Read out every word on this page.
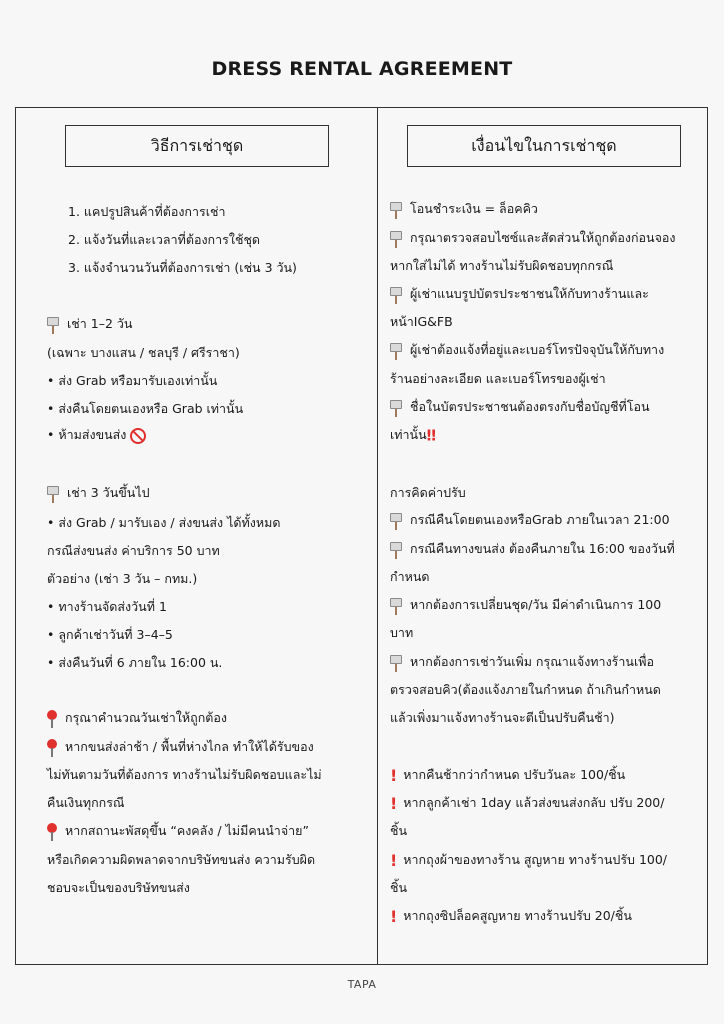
DRESS RENTAL AGREEMENT
วิธีการเช่าชุด
1. แคปรูปสินค้าที่ต้องการเช่า
2. แจ้งวันที่และเวลาที่ต้องการใช้ชุด
3. แจ้งจำนวนวันที่ต้องการเช่า (เช่น 3 วัน)
เช่า 1–2 วัน
(เฉพาะ บางแสน / ชลบุรี / ศรีราชา)
• ส่ง Grab หรือมารับเองเท่านั้น
• ส่งคืนโดยตนเองหรือ Grab เท่านั้น
• ห้ามส่งขนส่ง
เช่า 3 วันขึ้นไป
• ส่ง Grab / มารับเอง / ส่งขนส่ง ได้ทั้งหมด
กรณีส่งขนส่ง ค่าบริการ 50 บาท
ตัวอย่าง (เช่า 3 วัน – กทม.)
• ทางร้านจัดส่งวันที่ 1
• ลูกค้าเช่าวันที่ 3–4–5
• ส่งคืนวันที่ 6 ภายใน 16:00 น.
กรุณาคำนวณวันเช่าให้ถูกต้อง
หากขนส่งล่าช้า / พื้นที่ห่างไกล ทำให้ได้รับของ
ไม่ทันตามวันที่ต้องการ ทางร้านไม่รับผิดชอบและไม่
คืนเงินทุกกรณี
หากสถานะพัสดุขึ้น “คงคลัง / ไม่มีคนนำจ่าย”
หรือเกิดความผิดพลาดจากบริษัทขนส่ง ความรับผิด
ชอบจะเป็นของบริษัทขนส่ง
เงื่อนไขในการเช่าชุด
โอนชำระเงิน = ล็อคคิว
กรุณาตรวจสอบไซซ์และสัดส่วนให้ถูกต้องก่อนจอง
หากใส่ไม่ได้ ทางร้านไม่รับผิดชอบทุกกรณี
ผู้เช่าแนบรูปบัตรประชาชนให้กับทางร้านและ
หน้าIG&FB
ผู้เช่าต้องแจ้งที่อยู่และเบอร์โทรปัจจุบันให้กับทาง
ร้านอย่างละเอียด และเบอร์โทรของผู้เช่า
ชื่อในบัตรประชาชนต้องตรงกับชื่อบัญชีที่โอน
เท่านั้น‼
การคิดค่าปรับ
กรณีคืนโดยตนเองหรือGrab ภายในเวลา 21:00
กรณีคืนทางขนส่ง ต้องคืนภายใน 16:00 ของวันที่
กำหนด
หากต้องการเปลี่ยนชุด/วัน มีค่าดำเนินการ 100
บาท
หากต้องการเช่าวันเพิ่ม กรุณาแจ้งทางร้านเพื่อ
ตรวจสอบคิว(ต้องแจ้งภายในกำหนด ถ้าเกินกำหนด
แล้วเพิ่งมาแจ้งทางร้านจะตีเป็นปรับคืนช้า)
! หากคืนช้ากว่ากำหนด ปรับวันละ 100/ชิ้น
! หากลูกค้าเช่า 1day แล้วส่งขนส่งกลับ ปรับ 200/
ชิ้น
! หากถุงผ้าของทางร้าน สูญหาย ทางร้านปรับ 100/
ชิ้น
! หากถุงซิปล็อคสูญหาย ทางร้านปรับ 20/ชิ้น
TAPA
